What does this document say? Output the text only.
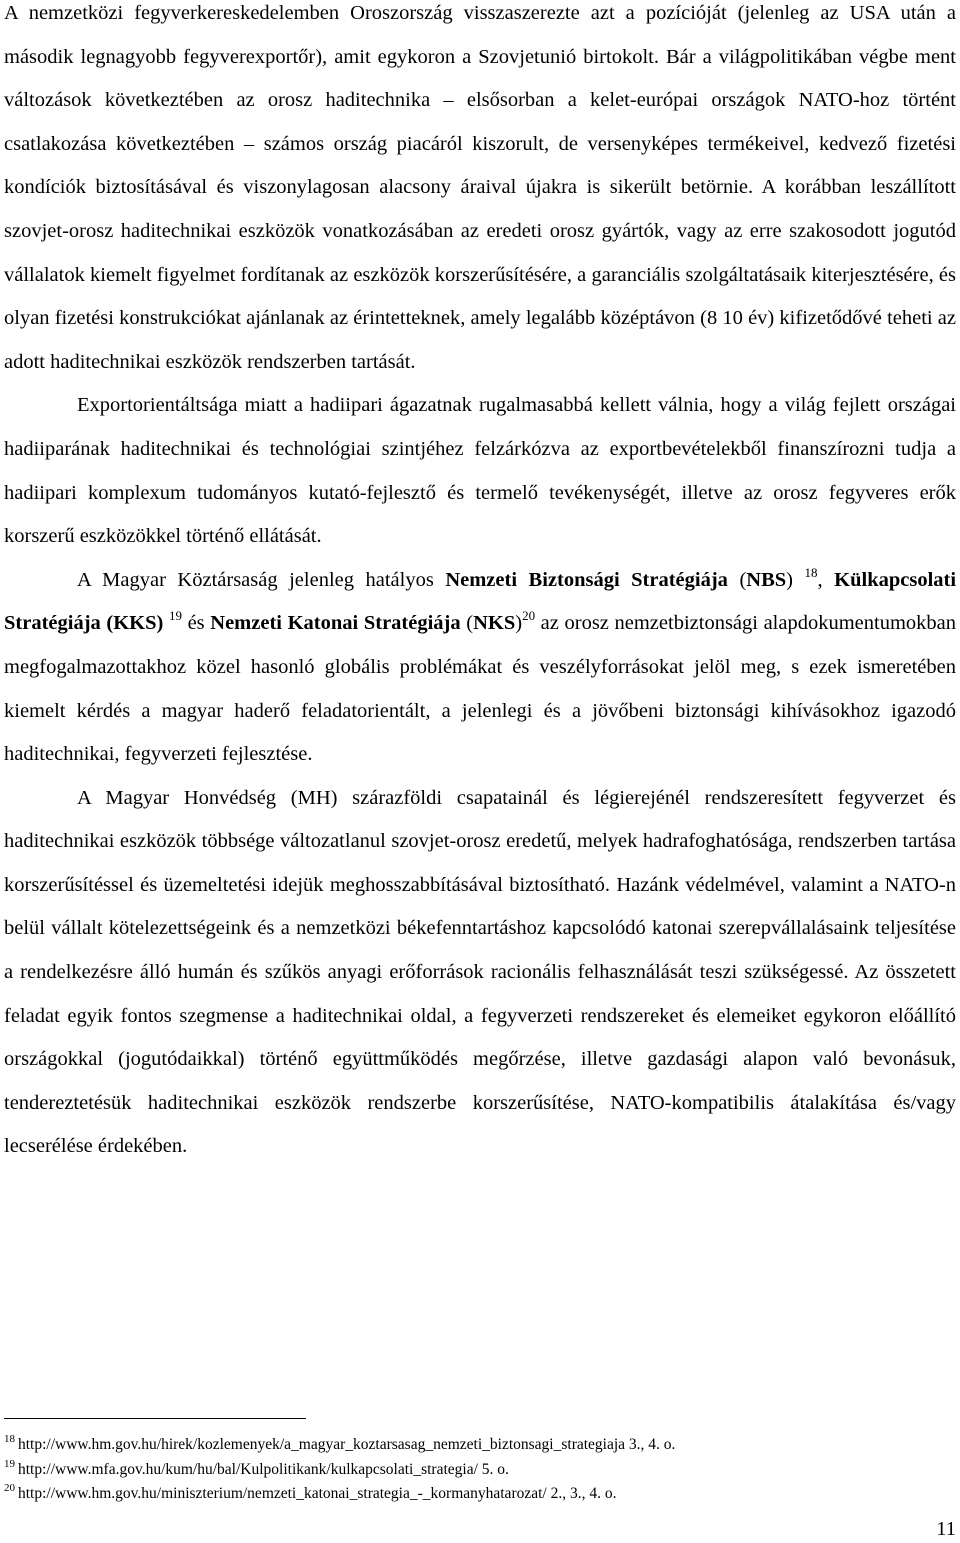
A nemzetközi fegyverkereskedelemben Oroszország visszaszerezte azt a pozícióját (jelenleg az USA után a második legnagyobb fegyverexportőr), amit egykoron a Szovjetunió birtokolt. Bár a világpolitikában végbe ment változások következtében az orosz haditechnika – elsősorban a kelet-európai országok NATO-hoz történt csatlakozása következtében – számos ország piacáról kiszorult, de versenyképes termékeivel, kedvező fizetési kondíciók biztosításával és viszonylagosan alacsony áraival újakra is sikerült betörnie. A korábban leszállított szovjet-orosz haditechnikai eszközök vonatkozásában az eredeti orosz gyártók, vagy az erre szakosodott jogutód vállalatok kiemelt figyelmet fordítanak az eszközök korszerűsítésére, a garanciális szolgáltatásaik kiterjesztésére, és olyan fizetési konstrukciókat ajánlanak az érintetteknek, amely legalább középtávon (8 10 év) kifizetődővé teheti az adott haditechnikai eszközök rendszerben tartását.

Exportorientáltsága miatt a hadiipari ágazatnak rugalmasabbá kellett válnia, hogy a világ fejlett országai hadiiparának haditechnikai és technológiai szintjéhez felzárkózva az exportbevételekből finanszírozni tudja a hadiipari komplexum tudományos kutató-fejlesztő és termelő tevékenységét, illetve az orosz fegyveres erők korszerű eszközökkel történő ellátását.

A Magyar Köztársaság jelenleg hatályos Nemzeti Biztonsági Stratégiája (NBS) $^{18}$, Külkapcsolati Stratégiája (KKS) $^{19}$ és Nemzeti Katonai Stratégiája (NKS)$^{20}$ az orosz nemzetbiztonsági alapdokumentumokban megfogalmazottakhoz közel hasonló globális problémákat és veszélyforrásokat jelöl meg, s ezek ismeretében kiemelt kérdés a magyar haderő feladatorientált, a jelenlegi és a jövőbeni biztonsági kihívásokhoz igazodó haditechnikai, fegyverzeti fejlesztése.

A Magyar Honvédség (MH) szárazföldi csapatainál és légierejénél rendszeresített fegyverzet és haditechnikai eszközök többsége változatlanul szovjet-orosz eredetű, melyek hadrafoghatósága, rendszerben tartása korszerűsítéssel és üzemeltetési idejük meghosszabbításával biztosítható. Hazánk védelmével, valamint a NATO-n belül vállalt kötelezettségeink és a nemzetközi békefenntartáshoz kapcsolódó katonai szerepvállalásaink teljesítése a rendelkezésre álló humán és szűkös anyagi erőforrások racionális felhasználását teszi szükségessé. Az összetett feladat egyik fontos szegmense a haditechnikai oldal, a fegyverzeti rendszereket és elemeiket egykoron előállító országokkal (jogutódaikkal) történő együttműködés megőrzése, illetve gazdasági alapon való bevonásuk, tendereztetésük haditechnikai eszközök rendszerbe korszerűsítése, NATO-kompatibilis átalakítása és/vagy lecserélése érdekében.

$^{18}$ http://www.hm.gov.hu/hirek/kozlemenyek/a_magyar_koztarsasag_nemzeti_biztonsagi_strategiaja 3., 4. o.

$^{19}$ http://www.mfa.gov.hu/kum/hu/bal/Kulpolitikank/kulkapcsolati_strategia/ 5. o.

$^{20}$ http://www.hm.gov.hu/miniszterium/nemzeti_katonai_strategia_-_kormanyhatarozat/ 2., 3., 4. o.

11
